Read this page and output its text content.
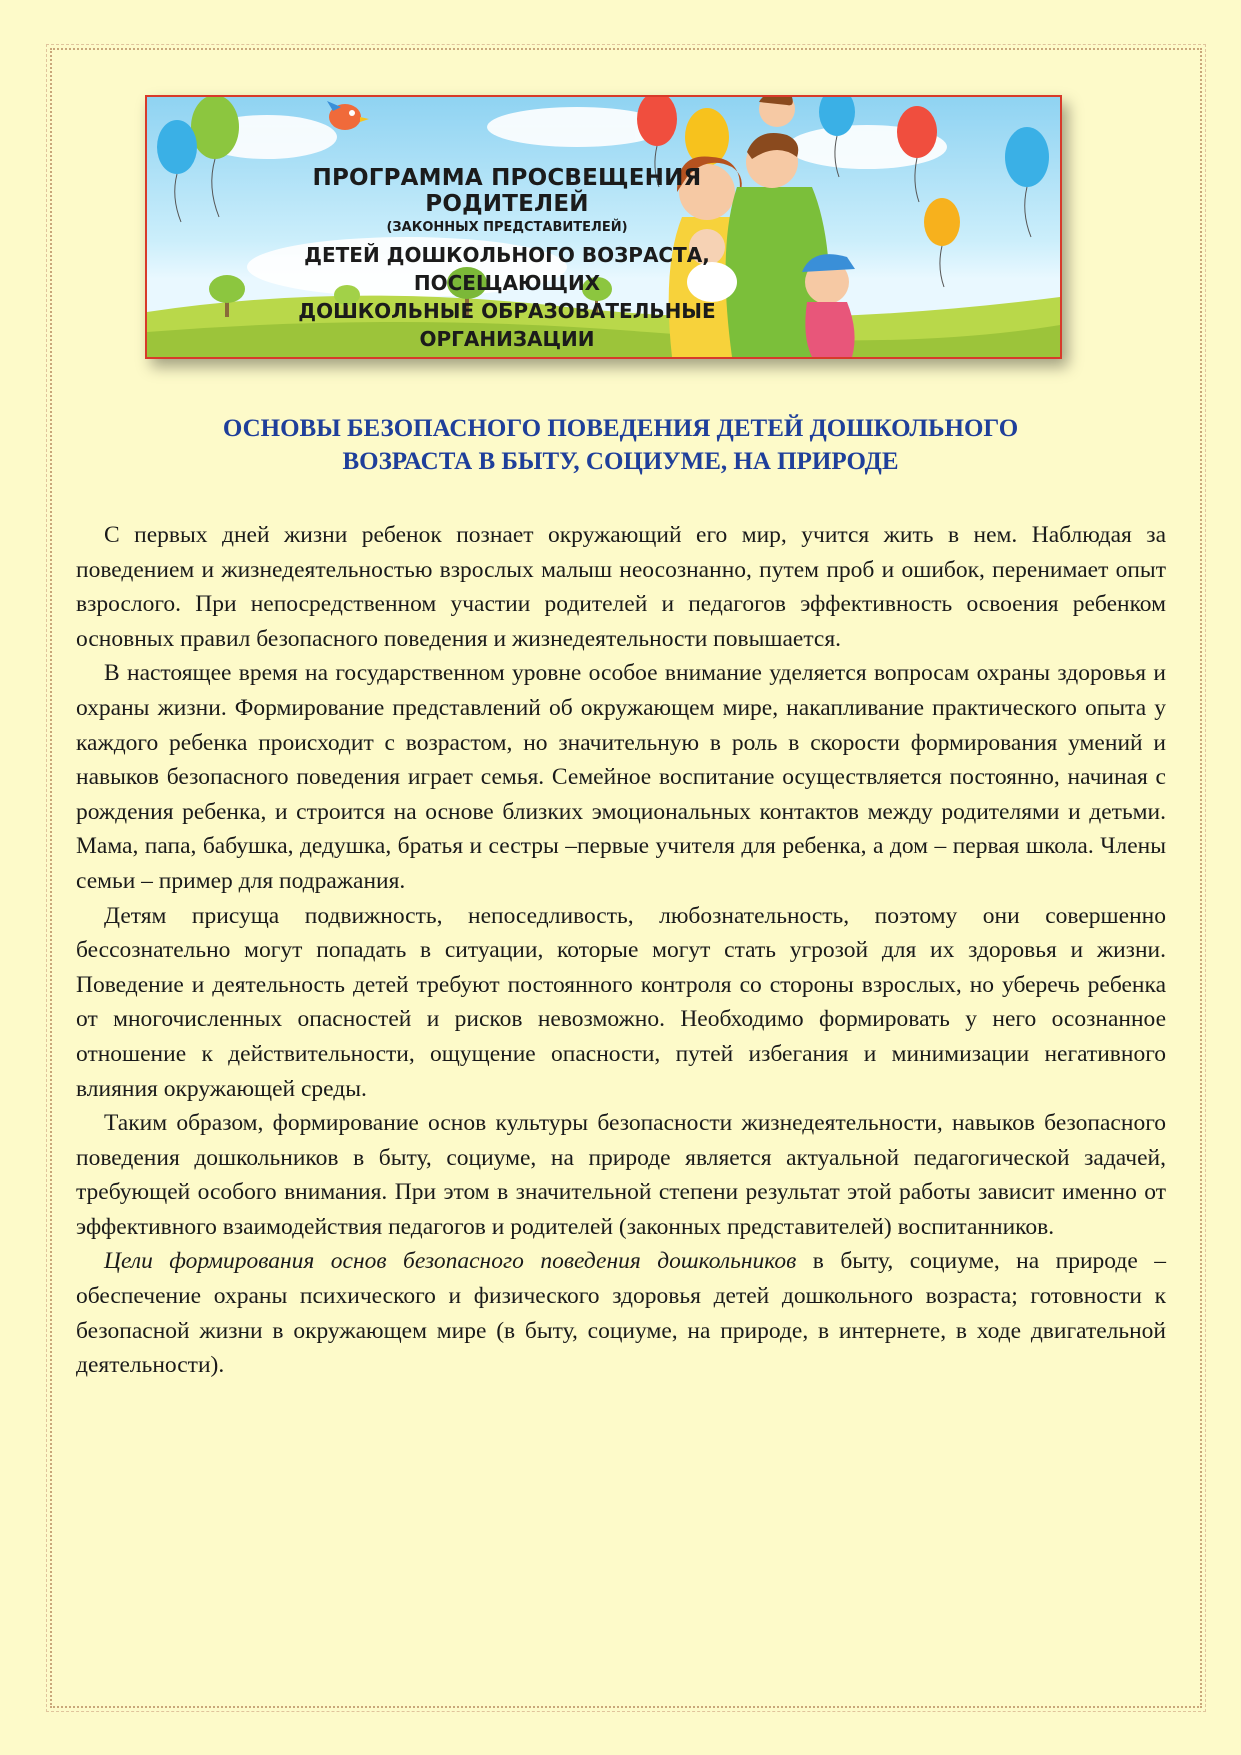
ПРОГРАММА ПРОСВЕЩЕНИЯ РОДИТЕЛЕЙ
(ЗАКОННЫХ ПРЕДСТАВИТЕЛЕЙ)
ДЕТЕЙ ДОШКОЛЬНОГО ВОЗРАСТА, ПОСЕЩАЮЩИХ
ДОШКОЛЬНЫЕ ОБРАЗОВАТЕЛЬНЫЕ ОРГАНИЗАЦИИ
ОСНОВЫ БЕЗОПАСНОГО ПОВЕДЕНИЯ ДЕТЕЙ ДОШКОЛЬНОГО
ВОЗРАСТА В БЫТУ, СОЦИУМЕ, НА ПРИРОДЕ

С первых дней жизни ребенок познает окружающий его мир, учится жить в нем. Наблюдая за поведением и жизнедеятельностью взрослых малыш неосознанно, путем проб и ошибок, перенимает опыт взрослого. При непосредственном участии родителей и педагогов эффективность освоения ребенком основных правил безопасного поведения и жизнедеятельности повышается.

В настоящее время на государственном уровне особое внимание уделяется вопросам охраны здоровья и охраны жизни. Формирование представлений об окружающем мире, накапливание практического опыта у каждого ребенка происходит с возрастом, но значительную в роль в скорости формирования умений и навыков безопасного поведения играет семья. Семейное воспитание осуществляется постоянно, начиная с рождения ребенка, и строится на основе близких эмоциональных контактов между родителями и детьми. Мама, папа, бабушка, дедушка, братья и сестры –первые учителя для ребенка, а дом – первая школа. Члены семьи – пример для подражания.

Детям присуща подвижность, непоседливость, любознательность, поэтому они совершенно бессознательно могут попадать в ситуации, которые могут стать угрозой для их здоровья и жизни. Поведение и деятельность детей требуют постоянного контроля со стороны взрослых, но уберечь ребенка от многочисленных опасностей и рисков невозможно. Необходимо формировать у него осознанное отношение к действительности, ощущение опасности, путей избегания и минимизации негативного влияния окружающей среды.

Таким образом, формирование основ культуры безопасности жизнедеятельности, навыков безопасного поведения дошкольников в быту, социуме, на природе является актуальной педагогической задачей, требующей особого внимания. При этом в значительной степени результат этой работы зависит именно от эффективного взаимодействия педагогов и родителей (законных представителей) воспитанников.

Цели формирования основ безопасного поведения дошкольников в быту, социуме, на природе – обеспечение охраны психического и физического здоровья детей дошкольного возраста; готовности к безопасной жизни в окружающем мире (в быту, социуме, на природе, в интернете, в ходе двигательной деятельности).
